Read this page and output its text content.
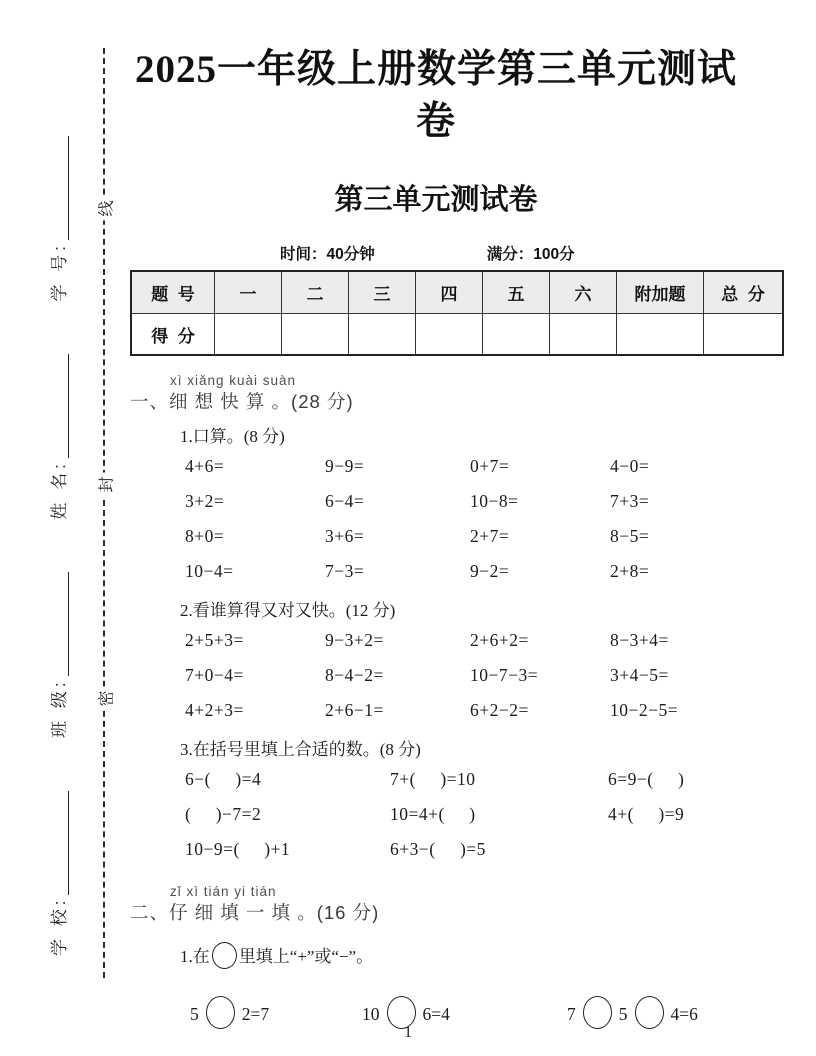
学 号:
姓 名:
班 级:
学 校:
线
封
密
2025一年级上册数学第三单元测试卷
第三单元测试卷
时间：40分钟	满分：100分
题  号	一	二	三	四	五	六	附加题	总  分
得  分								
xì xiǎng kuài suàn
一、细 想 快 算 。(28 分)
1.口算。(8 分)
4+6=	9−9=	0+7=	4−0=
3+2=	6−4=	10−8=	7+3=
8+0=	3+6=	2+7=	8−5=
10−4=	7−3=	9−2=	2+8=
2.看谁算得又对又快。(12 分)
2+5+3=	9−3+2=	2+6+2=	8−3+4=
7+0−4=	8−4−2=	10−7−3=	3+4−5=
4+2+3=	2+6−1=	6+2−2=	10−2−5=
3.在括号里填上合适的数。(8 分)
6−(     )=4	7+(     )=10	6=9−(     )
(     )−7=2	10=4+(     )	4+(     )=9
10−9=(     )+1	6+3−(     )=5
zǐ xì tián yi tián
二、仔 细 填 一 填 。(16 分)
1.在 里填上“+”或“−”。
5 2=7	10 6=4	7 5 4=6
1
